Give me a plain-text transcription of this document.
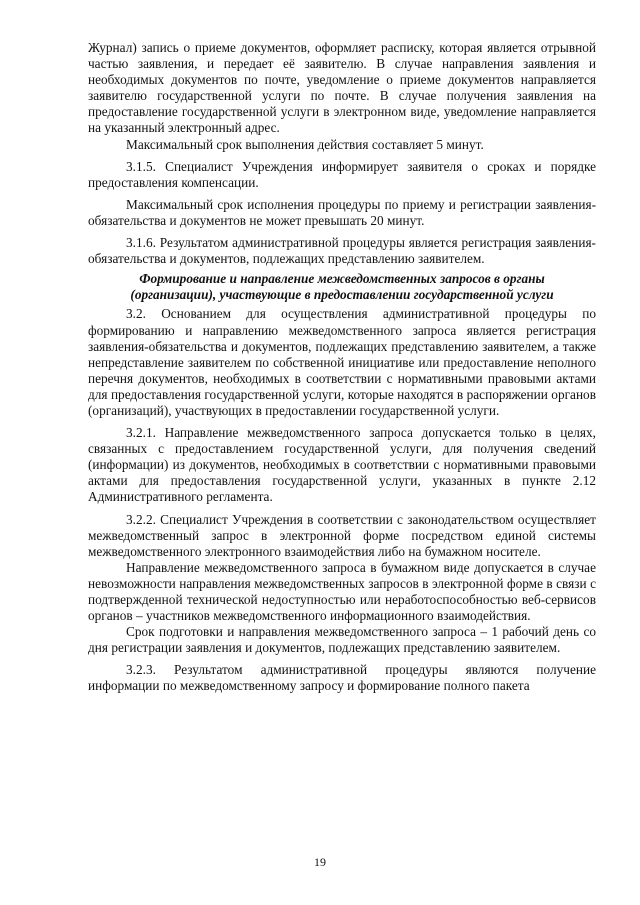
Журнал) запись о приеме документов, оформляет расписку, которая является отрывной частью заявления, и передает её заявителю. В случае направления заявления и необходимых документов по почте, уведомление о приеме документов направляется заявителю государственной услуги по почте. В случае получения заявления на предоставление государственной услуги в электронном виде, уведомление направляется на указанный электронный адрес.

Максимальный срок выполнения действия составляет 5 минут.

3.1.5. Специалист Учреждения информирует заявителя о сроках и порядке предоставления компенсации.

Максимальный срок исполнения процедуры по приему и регистрации заявления-обязательства и документов не может превышать 20 минут.

3.1.6. Результатом административной процедуры является регистрация заявления-обязательства и документов, подлежащих представлению заявителем.

Формирование и направление межведомственных запросов в органы
(организации), участвующие в предоставлении государственной услуги

3.2. Основанием для осуществления административной процедуры по формированию и направлению межведомственного запроса является регистрация заявления-обязательства и документов, подлежащих представлению заявителем, а также непредставление заявителем по собственной инициативе или предоставление неполного перечня документов, необходимых в соответствии с нормативными правовыми актами для предоставления государственной услуги, которые находятся в распоряжении органов (организаций), участвующих в предоставлении государственной услуги.

3.2.1. Направление межведомственного запроса допускается только в целях, связанных с предоставлением государственной услуги, для получения сведений (информации) из документов, необходимых в соответствии с нормативными правовыми актами для предоставления государственной услуги, указанных в пункте 2.12 Административного регламента.

3.2.2. Специалист Учреждения в соответствии с законодательством осуществляет межведомственный запрос в электронной форме посредством единой системы межведомственного электронного взаимодействия либо на бумажном носителе.

Направление межведомственного запроса в бумажном виде допускается в случае невозможности направления межведомственных запросов в электронной форме в связи с подтвержденной технической недоступностью или неработоспособностью веб-сервисов органов – участников межведомственного информационного взаимодействия.

Срок подготовки и направления межведомственного запроса – 1 рабочий день со дня регистрации заявления и документов, подлежащих представлению заявителем.

3.2.3. Результатом административной процедуры являются получение информации по межведомственному запросу и формирование полного пакета

19
